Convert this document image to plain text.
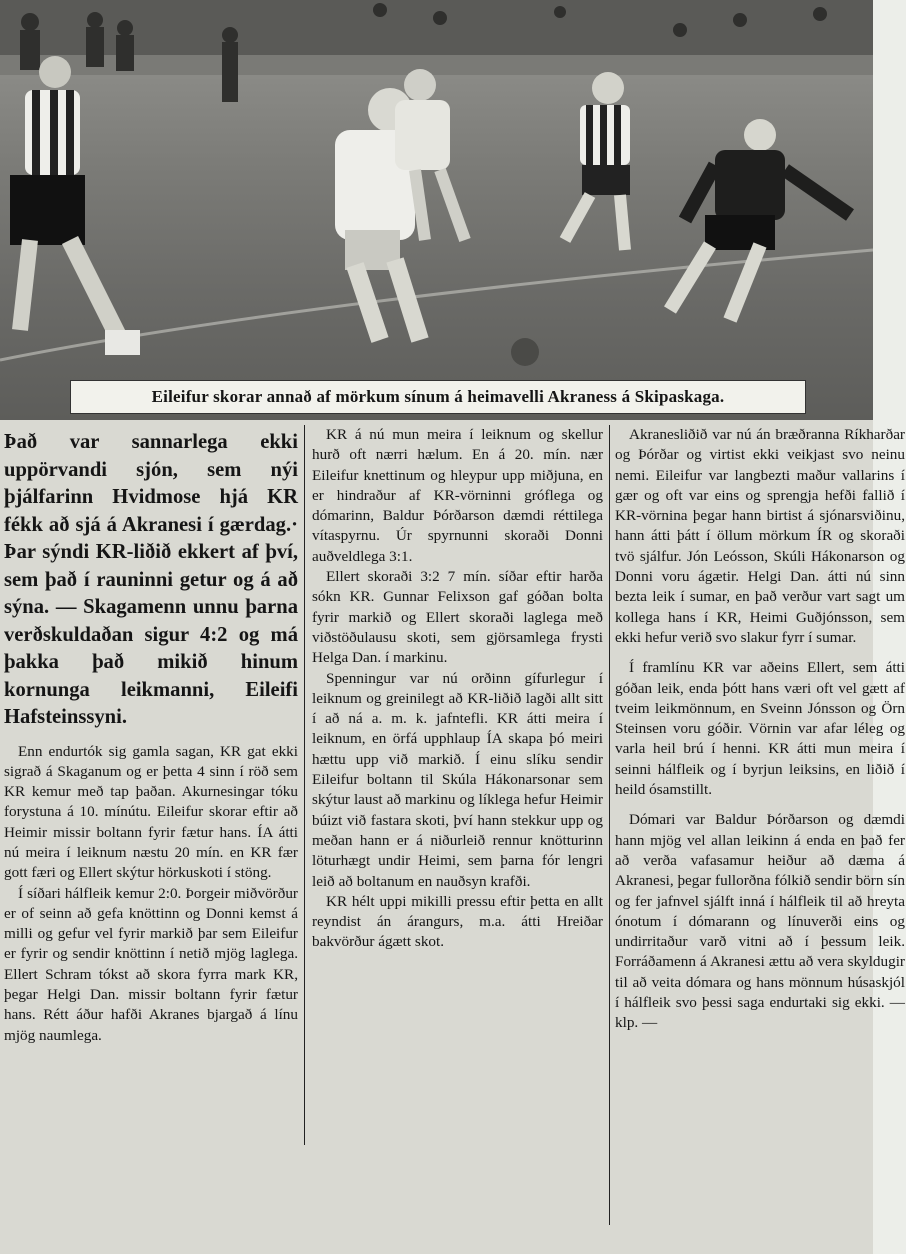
Eileifur skorar annað af mörkum sínum á heimavelli Akraness á Skipaskaga.

Það var sannarlega ekki uppörvandi sjón, sem nýi þjálfarinn Hvidmose hjá KR fékk að sjá á Akranesi í gærdag.· Þar sýndi KR-liðið ekkert af því, sem það í rauninni getur og á að sýna. — Skagamenn unnu þarna verðskuldaðan sigur 4:2 og má þakka það mikið hinum kornunga leikmanni, Eileifi Hafsteinssyni.

Enn endurtók sig gamla sagan, KR gat ekki sigrað á Skaganum og er þetta 4 sinn í röð sem KR kemur með tap þaðan. Akurnesingar tóku forystuna á 10. mínútu. Eileifur skorar eftir að Heimir missir boltann fyrir fætur hans. ÍA átti nú meira í leiknum næstu 20 mín. en KR fær gott færi og Ellert skýtur hörkuskoti í stöng.

Í síðari hálfleik kemur 2:0. Þorgeir miðvörður er of seinn að gefa knöttinn og Donni kemst á milli og gefur vel fyrir markið þar sem Eileifur er fyrir og sendir knöttinn í netið mjög laglega. Ellert Schram tókst að skora fyrra mark KR, þegar Helgi Dan. missir boltann fyrir fætur hans. Rétt áður hafði Akranes bjargað á línu mjög naumlega.

KR á nú mun meira í leiknum og skellur hurð oft nærri hælum. En á 20. mín. nær Eileifur knettinum og hleypur upp miðjuna, en er hindraður af KR-vörninni gróflega og dómarinn, Baldur Þórðarson dæmdi réttilega vítaspyrnu. Úr spyrnunni skoraði Donni auðveldlega 3:1.

Ellert skoraði 3:2 7 mín. síðar eftir harða sókn KR. Gunnar Felixson gaf góðan bolta fyrir markið og Ellert skoraði laglega með viðstöðulausu skoti, sem gjörsamlega frysti Helga Dan. í markinu.

Spenningur var nú orðinn gífurlegur í leiknum og greinilegt að KR-liðið lagði allt sitt í að ná a. m. k. jafntefli. KR átti meira í leiknum, en örfá upphlaup ÍA skapa þó meiri hættu upp við markið. Í einu slíku sendir Eileifur boltann til Skúla Hákonarsonar sem skýtur laust að markinu og líklega hefur Heimir búizt við fastara skoti, því hann stekkur upp og meðan hann er á niðurleið rennur knötturinn löturhægt undir Heimi, sem þarna fór lengri leið að boltanum en nauðsyn krafði.

KR hélt uppi mikilli pressu eftir þetta en allt reyndist án árangurs, m.a. átti Hreiðar bakvörður ágætt skot.

Akranesliðið var nú án bræðranna Ríkharðar og Þórðar og virtist ekki veikjast svo neinu nemi. Eileifur var langbezti maður vallarins í gær og oft var eins og sprengja hefði fallið í KR-vörnina þegar hann birtist á sjónarsviðinu, hann átti þátt í öllum mörkum ÍR og skoraði tvö sjálfur. Jón Leósson, Skúli Hákonarson og Donni voru ágætir. Helgi Dan. átti nú sinn bezta leik í sumar, en það verður vart sagt um kollega hans í KR, Heimi Guðjónsson, sem ekki hefur verið svo slakur fyrr í sumar.

Í framlínu KR var aðeins Ellert, sem átti góðan leik, enda þótt hans væri oft vel gætt af tveim leikmönnum, en Sveinn Jónsson og Örn Steinsen voru góðir. Vörnin var afar léleg og varla heil brú í henni. KR átti mun meira í seinni hálfleik og í byrjun leiksins, en liðið í heild ósamstillt.

Dómari var Baldur Þórðarson og dæmdi hann mjög vel allan leikinn á enda en það fer að verða vafasamur heiður að dæma á Akranesi, þegar fullorðna fólkið sendir börn sín og fer jafnvel sjálft inná í hálfleik til að hreyta ónotum í dómarann og línuverði eins og undirritaður varð vitni að í þessum leik. Forráðamenn á Akranesi ættu að vera skyldugir til að veita dómara og hans mönnum húsaskjól í hálfleik svo þessi saga endurtaki sig ekki. — klp. —
